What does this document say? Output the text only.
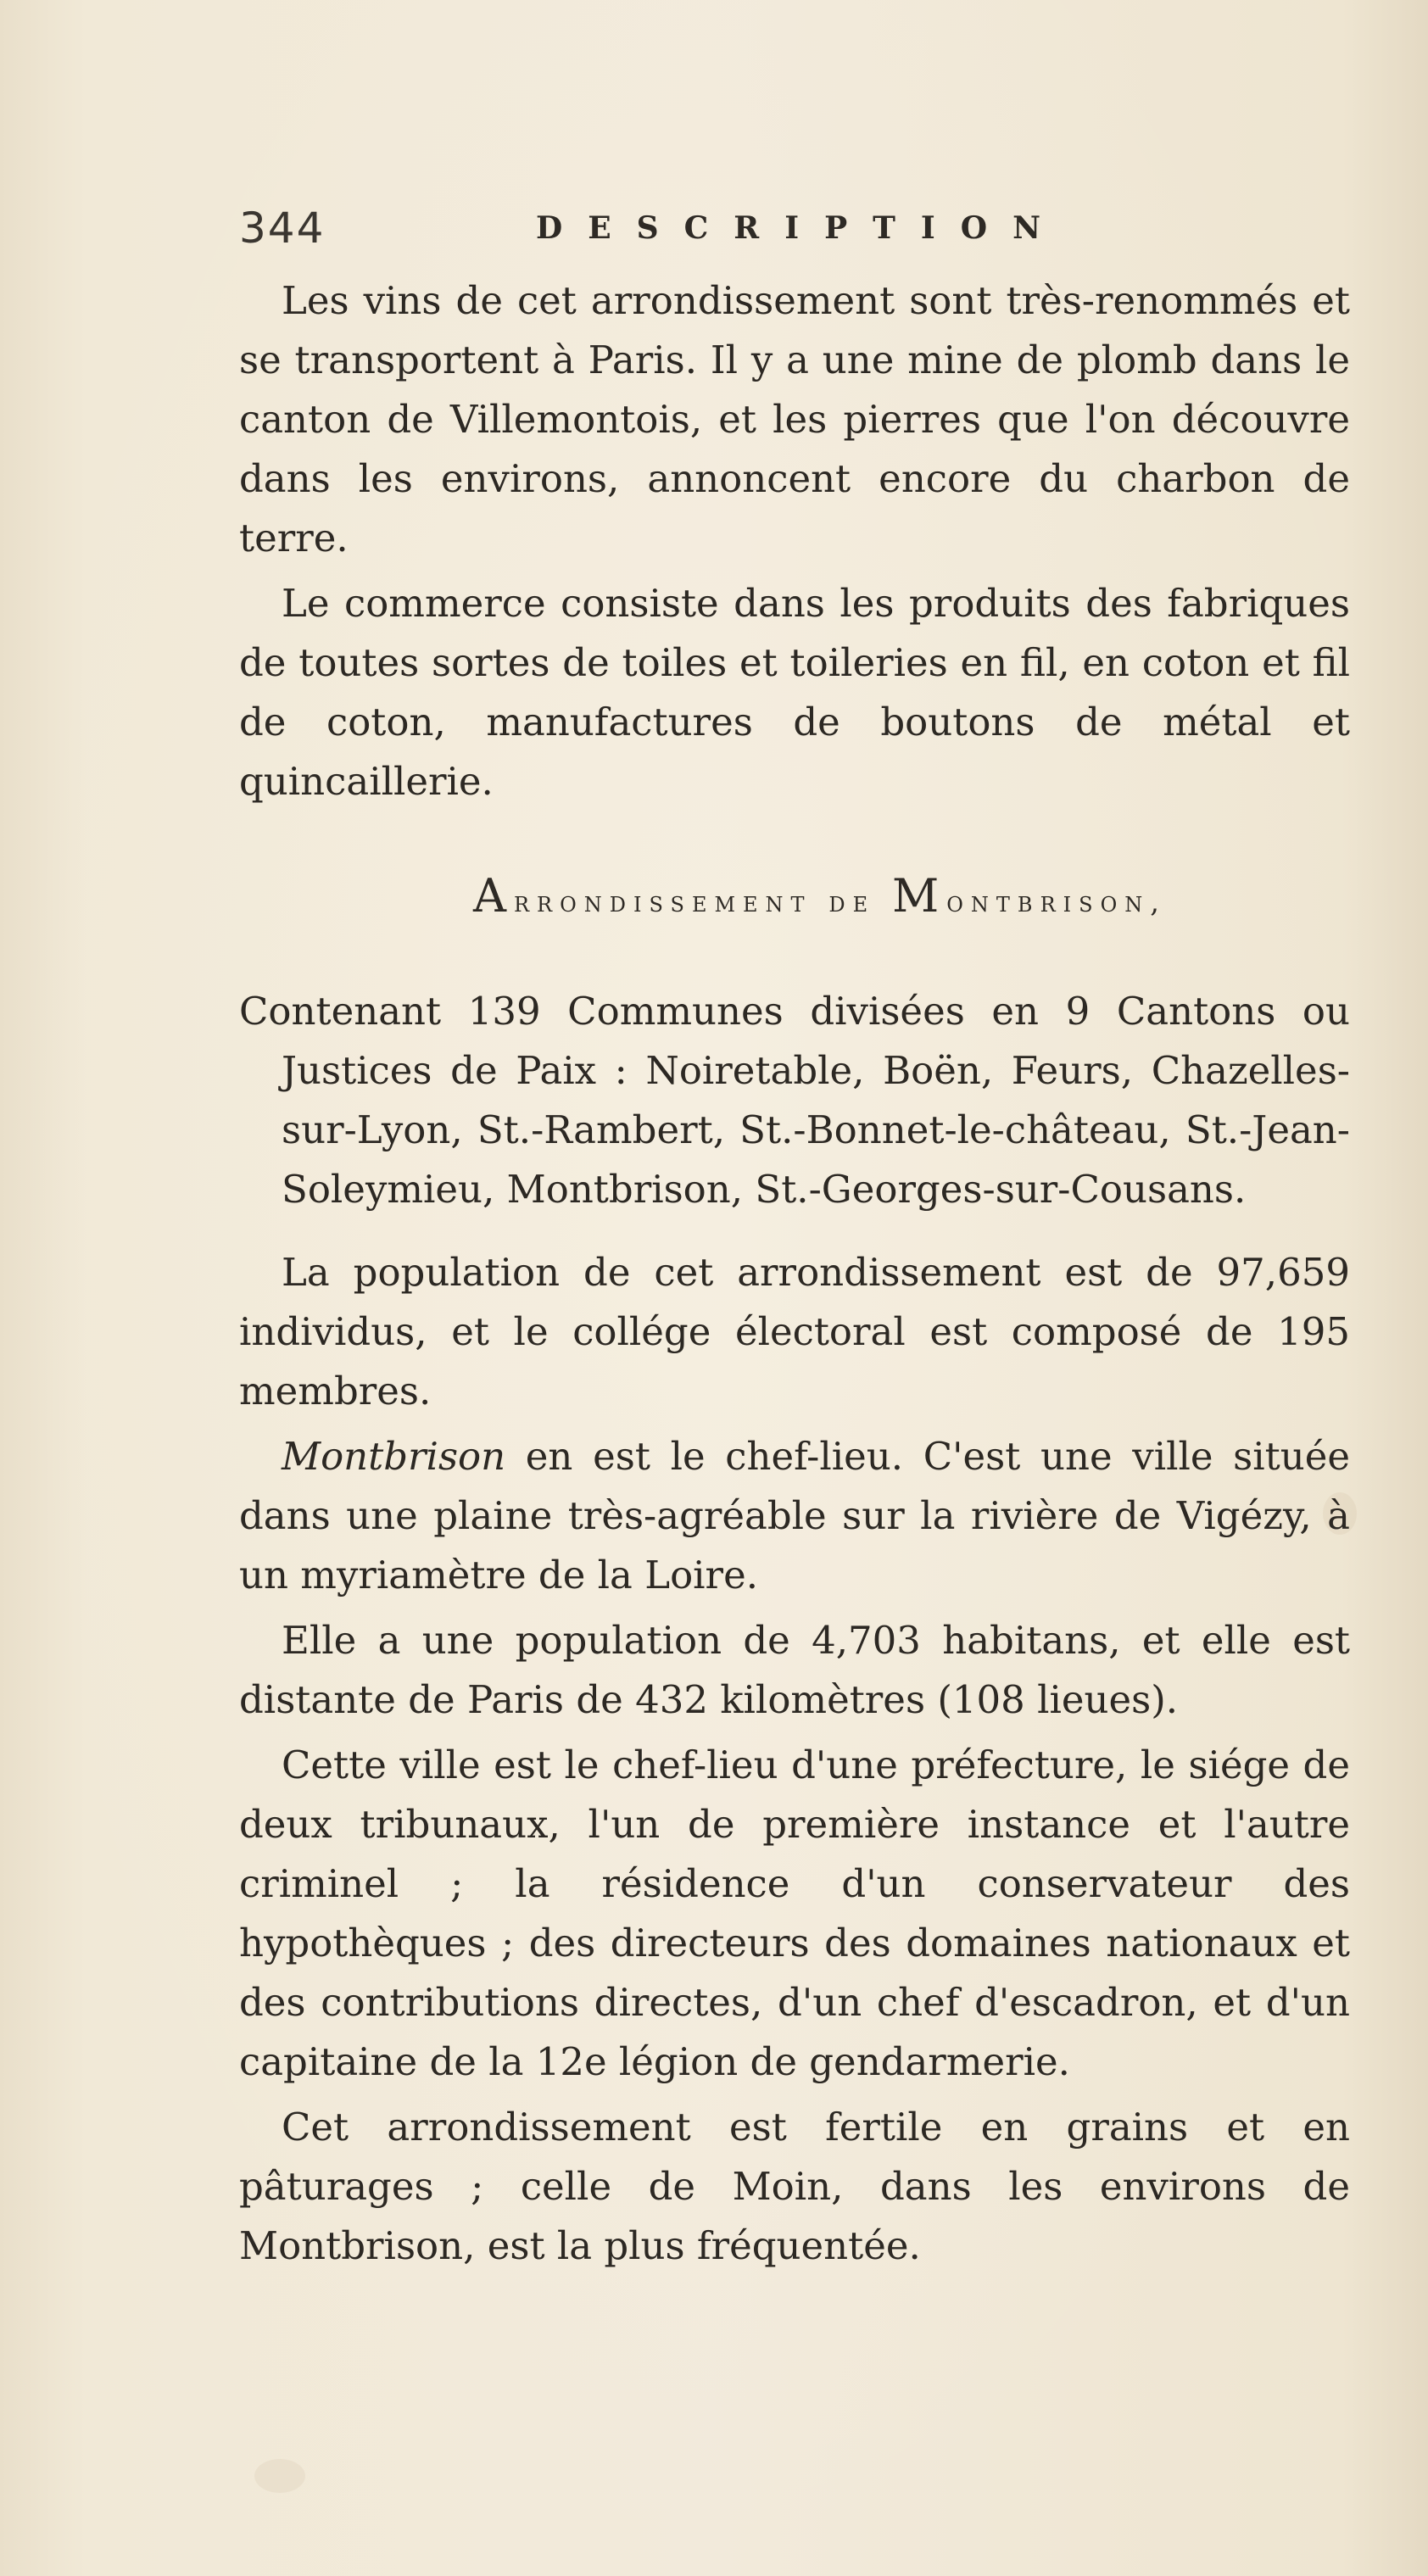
344	DESCRIPTION

Les vins de cet arrondissement sont très-renommés et se transportent à Paris. Il y a une mine de plomb dans le canton de Villemontois, et les pierres que l'on découvre dans les environs, annoncent encore du charbon de terre.

Le commerce consiste dans les produits des fabriques de toutes sortes de toiles et toileries en fil, en coton et fil de coton, manufactures de boutons de métal et quincaillerie.

Arrondissement de Montbrison,

Contenant 139 Communes divisées en 9 Cantons ou Justices de Paix : Noiretable, Boën, Feurs, Chazelles-sur-Lyon, St.-Rambert, St.-Bonnet-le-château, St.-Jean-Soleymieu, Montbrison, St.-Georges-sur-Cousans.

La population de cet arrondissement est de 97,659 individus, et le collége électoral est composé de 195 membres.

Montbrison en est le chef-lieu. C'est une ville située dans une plaine très-agréable sur la rivière de Vigézy, à un myriamètre de la Loire.

Elle a une population de 4,703 habitans, et elle est distante de Paris de 432 kilomètres (108 lieues).

Cette ville est le chef-lieu d'une préfecture, le siége de deux tribunaux, l'un de première instance et l'autre criminel ; la résidence d'un conservateur des hypothèques ; des directeurs des domaines nationaux et des contributions directes, d'un chef d'escadron, et d'un capitaine de la 12e légion de gendarmerie.

Cet arrondissement est fertile en grains et en pâturages ; celle de Moin, dans les environs de Montbrison, est la plus fréquentée.
